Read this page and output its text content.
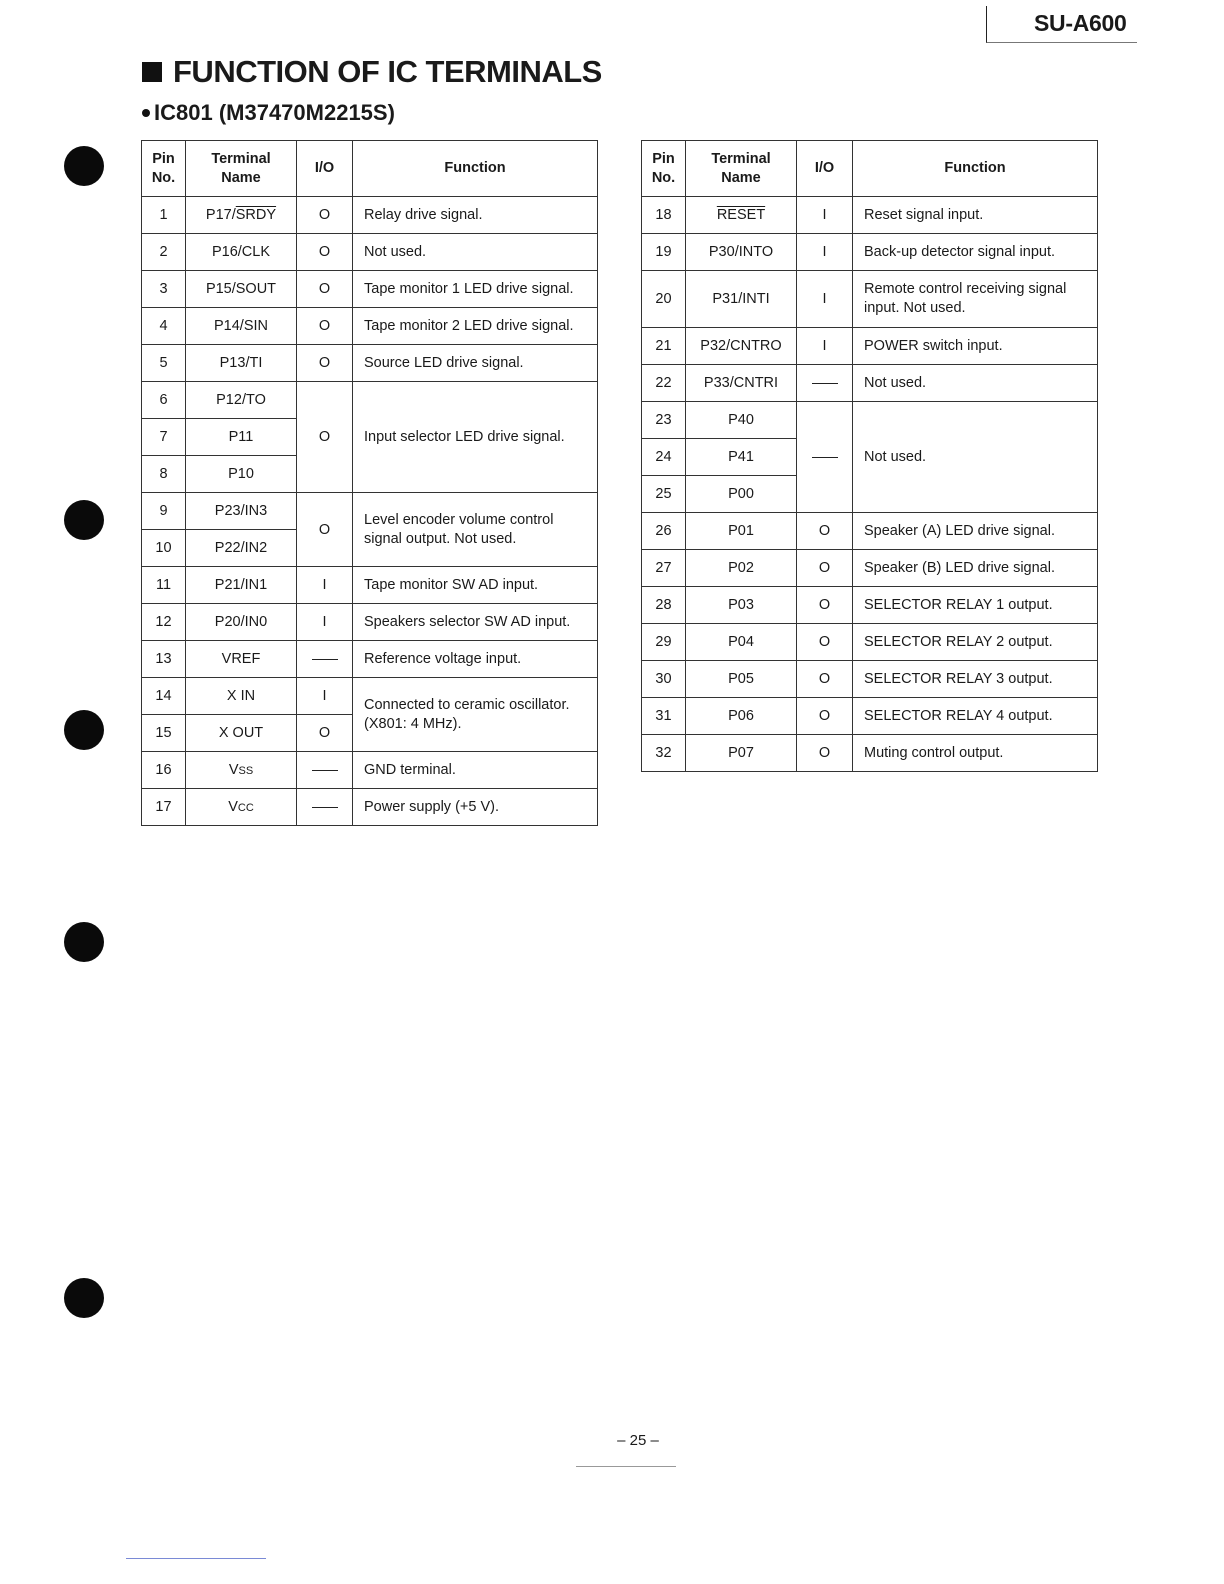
SU-A600
FUNCTION OF IC TERMINALS
IC801 (M37470M2215S)
Pin
No.	Terminal
Name	I/O	Function
1	P17/SRDY	O	Relay drive signal.
2	P16/CLK	O	Not used.
3	P15/SOUT	O	Tape monitor 1 LED drive signal.
4	P14/SIN	O	Tape monitor 2 LED drive signal.
5	P13/TI	O	Source LED drive signal.
6	P12/TO	O	Input selector LED drive signal.
7	P11		
8	P10		
9	P23/IN3	O	Level encoder volume control
signal output. Not used.
10	P22/IN2		
11	P21/IN1	I	Tape monitor SW AD input.
12	P20/IN0	I	Speakers selector SW AD input.
13	VREF		Reference voltage input.
14	X IN	I	Connected to ceramic oscillator.
(X801: 4 MHz).
15	X OUT	O	
16	VSS		GND terminal.
17	VCC		Power supply (+5 V).
Pin
No.	Terminal
Name	I/O	Function
18	RESET	I	Reset signal input.
19	P30/INTO	I	Back-up detector signal input.
20	P31/INTI	I	Remote control receiving signal
input. Not used.
21	P32/CNTRO	I	POWER switch input.
22	P33/CNTRI		Not used.
23	P40		Not used.
24	P41		
25	P00		
26	P01	O	Speaker (A) LED drive signal.
27	P02	O	Speaker (B) LED drive signal.
28	P03	O	SELECTOR RELAY 1 output.
29	P04	O	SELECTOR RELAY 2 output.
30	P05	O	SELECTOR RELAY 3 output.
31	P06	O	SELECTOR RELAY 4 output.
32	P07	O	Muting control output.
– 25 –
